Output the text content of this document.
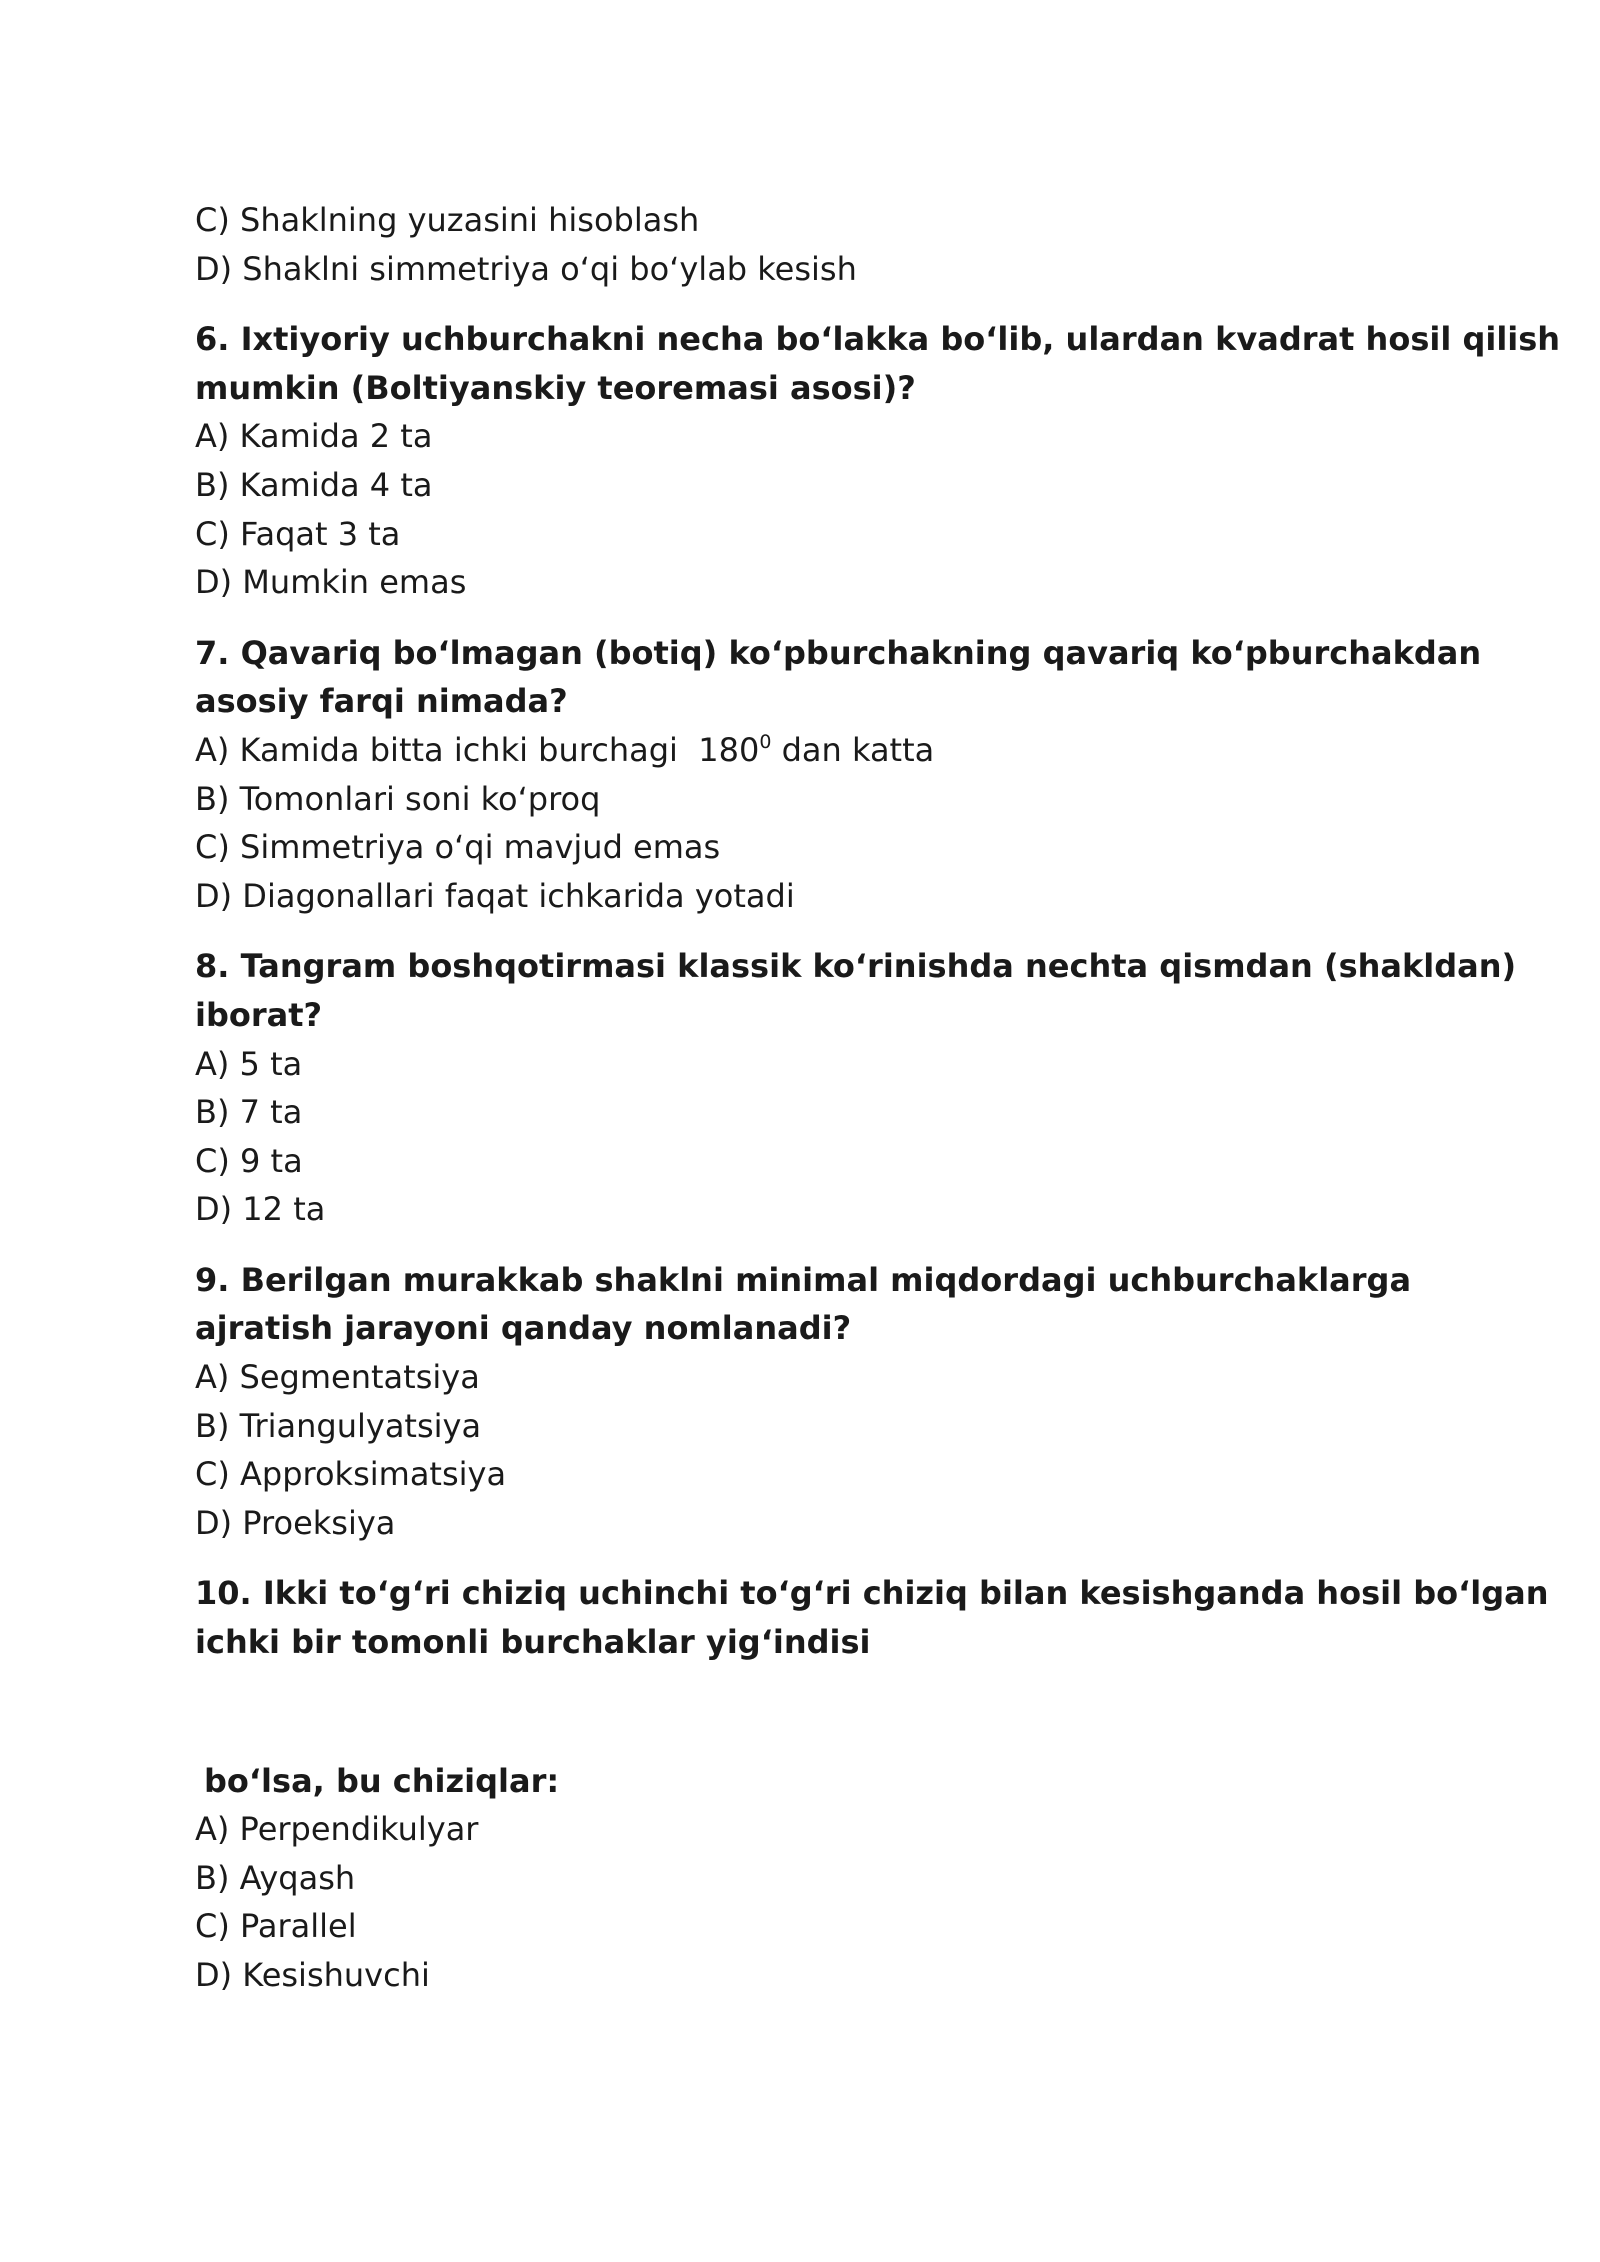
C) Shaklning yuzasini hisoblash
D) Shaklni simmetriya o‘qi bo‘ylab kesish
6. Ixtiyoriy uchburchakni necha bo‘lakka bo‘lib, ulardan kvadrat hosil qilish
mumkin (Boltiyanskiy teoremasi asosi)?
A) Kamida 2 ta
B) Kamida 4 ta
C) Faqat 3 ta
D) Mumkin emas
7. Qavariq bo‘lmagan (botiq) ko‘pburchakning qavariq ko‘pburchakdan
asosiy farqi nimada?
A) Kamida bitta ichki burchagi  $180^0$ dan katta
B) Tomonlari soni ko‘proq
C) Simmetriya o‘qi mavjud emas
D) Diagonallari faqat ichkarida yotadi
8. Tangram boshqotirmasi klassik ko‘rinishda nechta qismdan (shakldan)
iborat?
A) 5 ta
B) 7 ta
C) 9 ta
D) 12 ta
9. Berilgan murakkab shaklni minimal miqdordagi uchburchaklarga
ajratish jarayoni qanday nomlanadi?
A) Segmentatsiya
B) Triangulyatsiya
C) Approksimatsiya
D) Proeksiya
10. Ikki to‘g‘ri chiziq uchinchi to‘g‘ri chiziq bilan kesishganda hosil bo‘lgan
ichki bir tomonli burchaklar yig‘indisi
bo‘lsa, bu chiziqlar:
A) Perpendikulyar
B) Ayqash
C) Parallel
D) Kesishuvchi
